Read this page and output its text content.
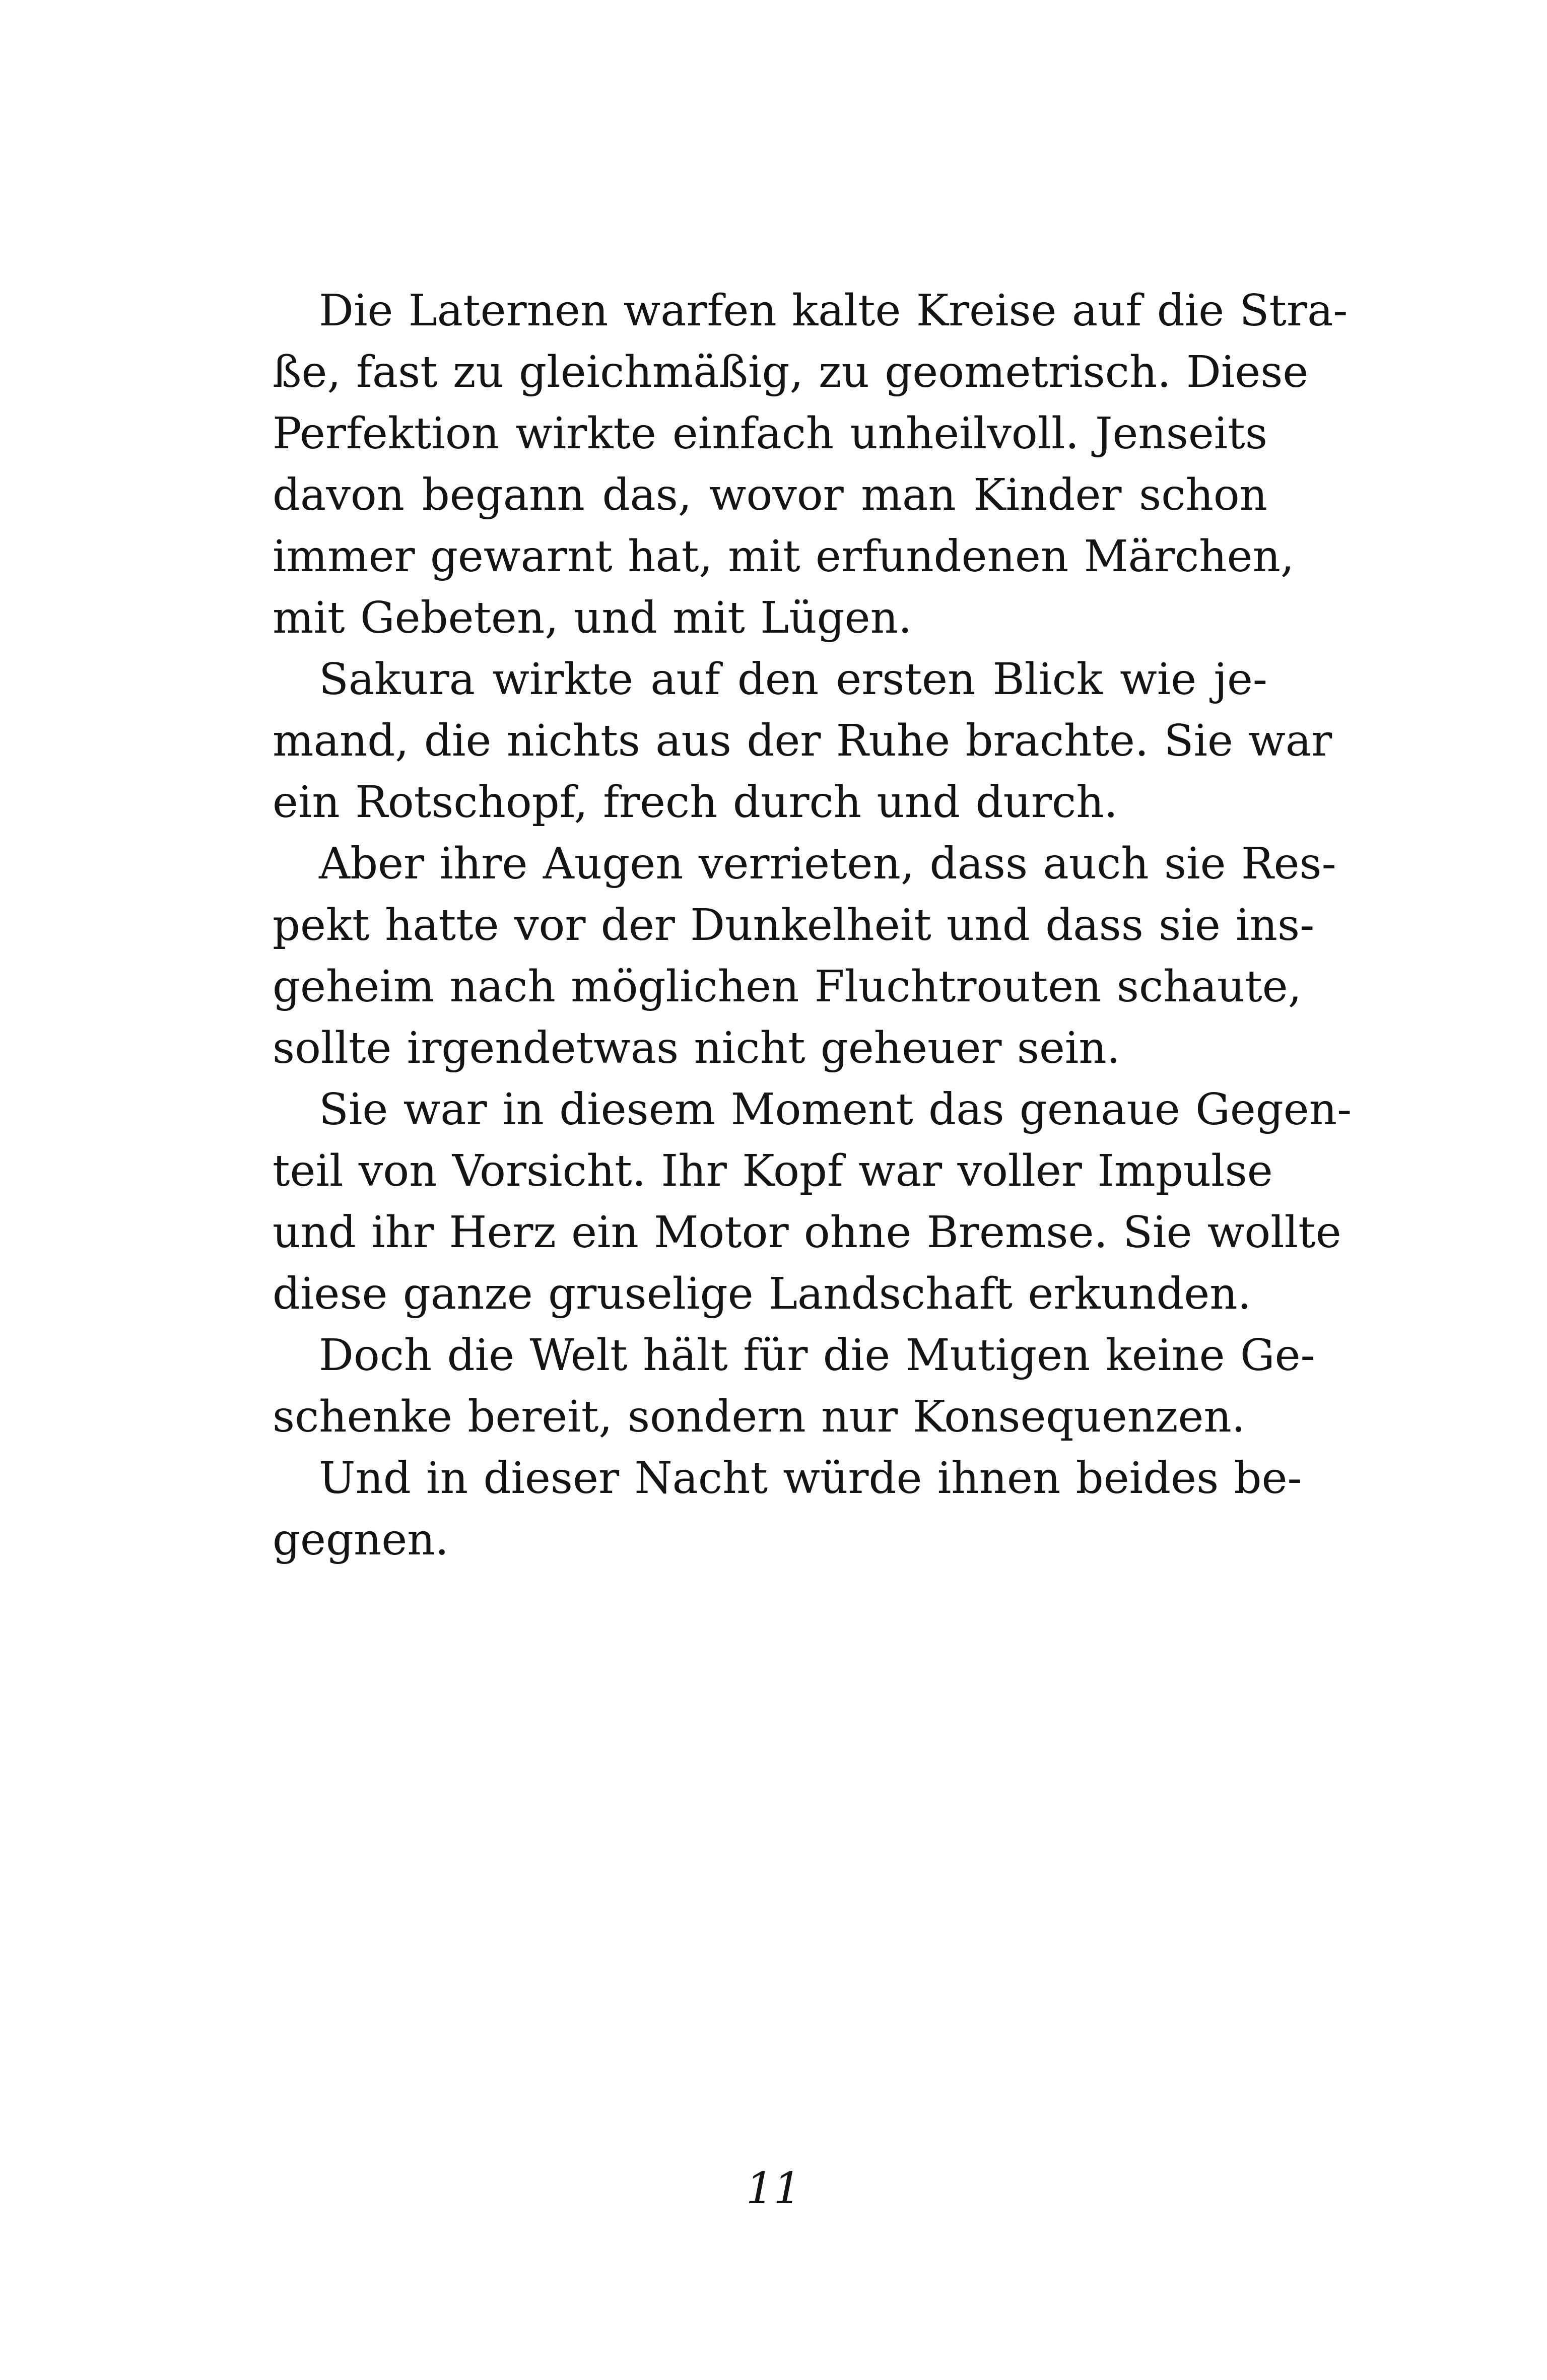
Die Laternen warfen kalte Kreise auf die Stra-
ße, fast zu gleichmäßig, zu geometrisch. Diese
Perfektion wirkte einfach unheilvoll. Jenseits
davon begann das, wovor man Kinder schon
immer gewarnt hat, mit erfundenen Märchen,
mit Gebeten, und mit Lügen.
Sakura wirkte auf den ersten Blick wie je-
mand, die nichts aus der Ruhe brachte. Sie war
ein Rotschopf, frech durch und durch.
Aber ihre Augen verrieten, dass auch sie Res-
pekt hatte vor der Dunkelheit und dass sie ins-
geheim nach möglichen Fluchtrouten schaute,
sollte irgendetwas nicht geheuer sein.
Sie war in diesem Moment das genaue Gegen-
teil von Vorsicht. Ihr Kopf war voller Impulse
und ihr Herz ein Motor ohne Bremse. Sie wollte
diese ganze gruselige Landschaft erkunden.
Doch die Welt hält für die Mutigen keine Ge-
schenke bereit, sondern nur Konsequenzen.
Und in dieser Nacht würde ihnen beides be-
gegnen.
11
